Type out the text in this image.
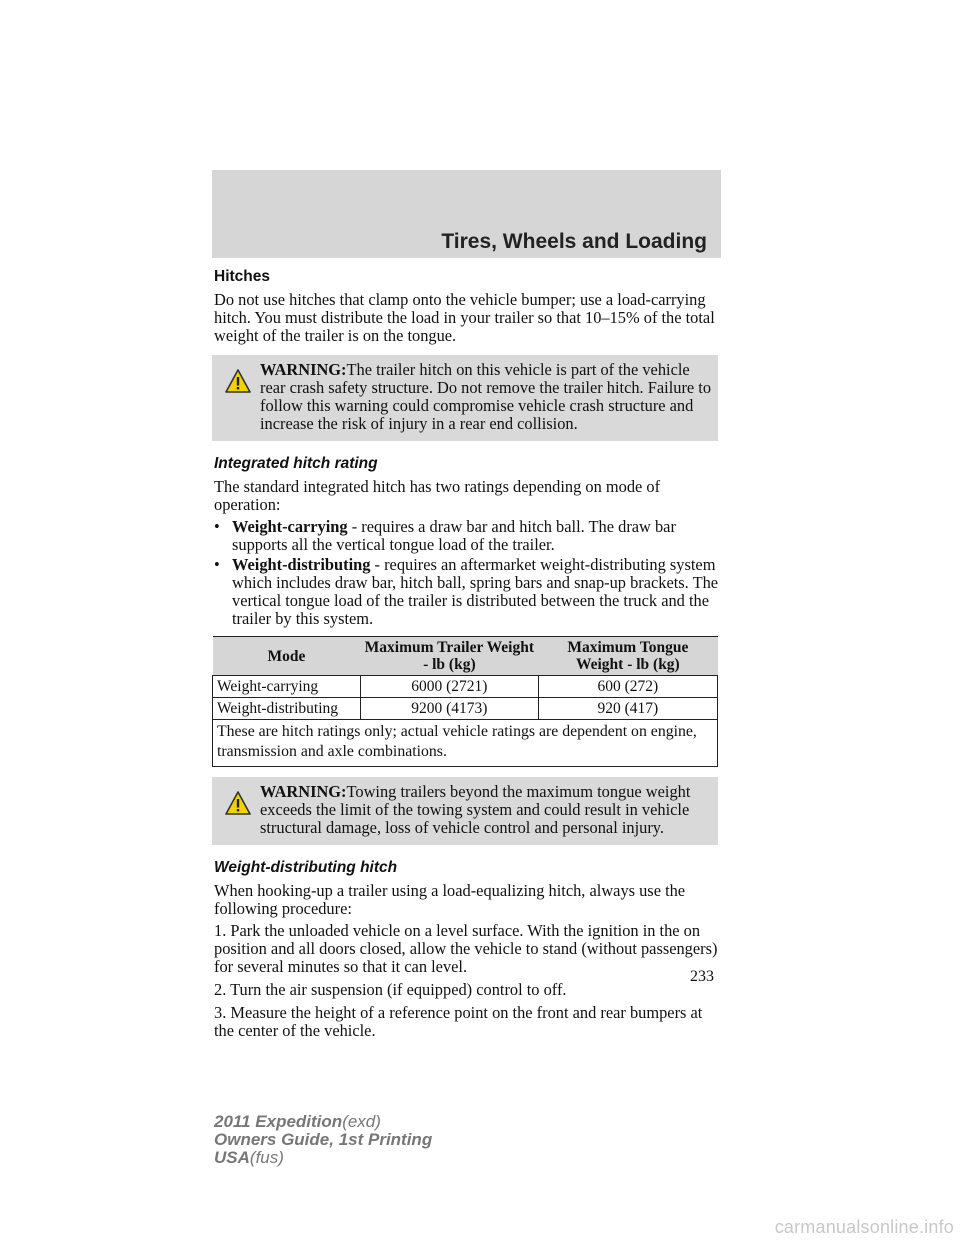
Tires, Wheels and Loading
Hitches

Do not use hitches that clamp onto the vehicle bumper; use a load-carrying hitch. You must distribute the load in your trailer so that 10–15% of the total weight of the trailer is on the tongue.

WARNING:The trailer hitch on this vehicle is part of the vehicle rear crash safety structure. Do not remove the trailer hitch. Failure to follow this warning could compromise vehicle crash structure and increase the risk of injury in a rear end collision.
Integrated hitch rating

The standard integrated hitch has two ratings depending on mode of operation:

• Weight-carrying - requires a draw bar and hitch ball. The draw bar supports all the vertical tongue load of the trailer.
• Weight-distributing - requires an aftermarket weight-distributing system which includes draw bar, hitch ball, spring bars and snap-up brackets. The vertical tongue load of the trailer is distributed between the truck and the trailer by this system.
Mode	Maximum Trailer Weight - lb (kg)	Maximum Tongue Weight - lb (kg)
Weight-carrying	6000 (2721)	600 (272)
Weight-distributing	9200 (4173)	920 (417)
These are hitch ratings only; actual vehicle ratings are dependent on engine, transmission and axle combinations.		
WARNING:Towing trailers beyond the maximum tongue weight exceeds the limit of the towing system and could result in vehicle structural damage, loss of vehicle control and personal injury.
Weight-distributing hitch

When hooking-up a trailer using a load-equalizing hitch, always use the following procedure:

1. Park the unloaded vehicle on a level surface. With the ignition in the on position and all doors closed, allow the vehicle to stand (without passengers) for several minutes so that it can level.

2. Turn the air suspension (if equipped) control to off.

3. Measure the height of a reference point on the front and rear bumpers at the center of the vehicle.

233
2011 Expedition(exd)
Owners Guide, 1st Printing
USA(fus)
carmanualsonline.info
